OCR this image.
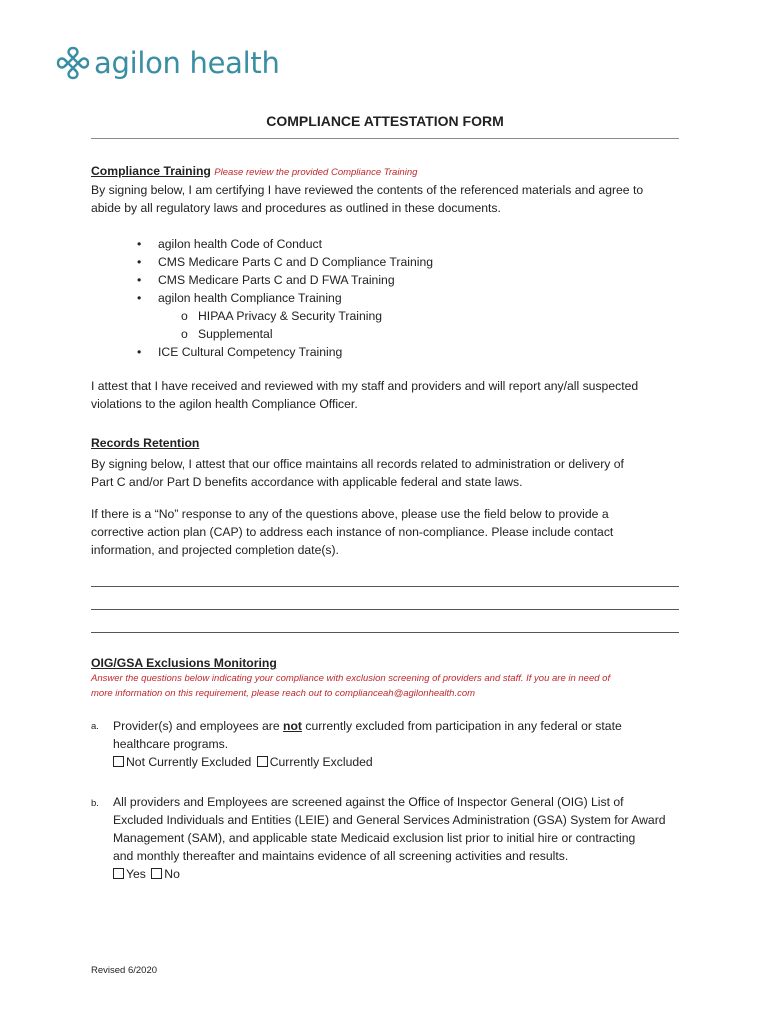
agilon health
COMPLIANCE ATTESTATION FORM
Compliance Training Please review the provided Compliance Training
By signing below, I am certifying I have reviewed the contents of the referenced materials and agree to
abide by all regulatory laws and procedures as outlined in these documents.
• agilon health Code of Conduct
• CMS Medicare Parts C and D Compliance Training
• CMS Medicare Parts C and D FWA Training
• agilon health Compliance Training
o HIPAA Privacy & Security Training
o Supplemental
• ICE Cultural Competency Training
I attest that I have received and reviewed with my staff and providers and will report any/all suspected
violations to the agilon health Compliance Officer.
Records Retention
By signing below, I attest that our office maintains all records related to administration or delivery of
Part C and/or Part D benefits accordance with applicable federal and state laws.
If there is a “No” response to any of the questions above, please use the field below to provide a
corrective action plan (CAP) to address each instance of non-compliance. Please include contact
information, and projected completion date(s).
OIG/GSA Exclusions Monitoring
Answer the questions below indicating your compliance with exclusion screening of providers and staff. If you are in need of
more information on this requirement, please reach out to complianceah@agilonhealth.com
a. Provider(s) and employees are not currently excluded from participation in any federal or state
healthcare programs.
Not Currently Excluded Currently Excluded
b. All providers and Employees are screened against the Office of Inspector General (OIG) List of
Excluded Individuals and Entities (LEIE) and General Services Administration (GSA) System for Award
Management (SAM), and applicable state Medicaid exclusion list prior to initial hire or contracting
and monthly thereafter and maintains evidence of all screening activities and results.
Yes No
Revised 6/2020
